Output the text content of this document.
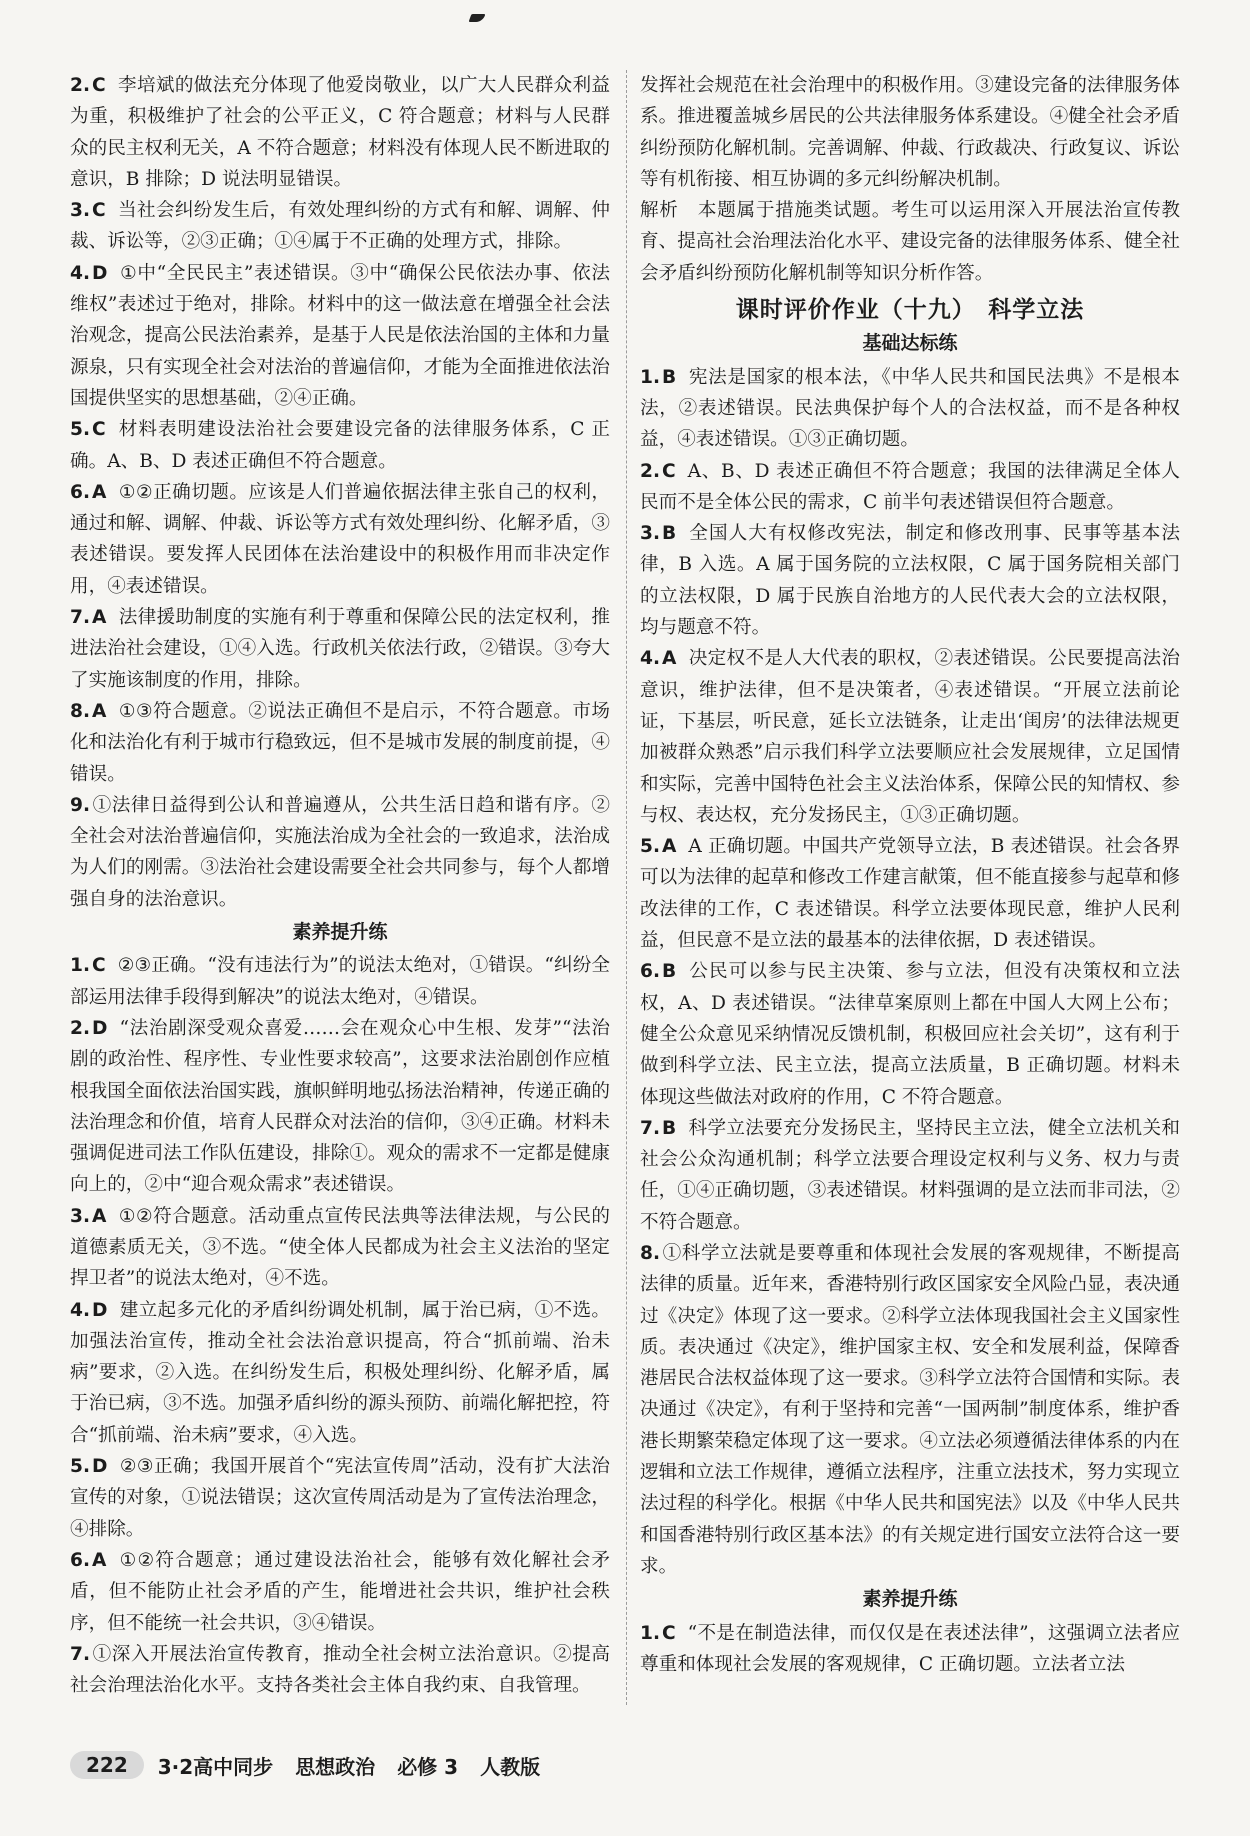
2. C 李培斌的做法充分体现了他爱岗敬业，以广大人民群众利益为重，积极维护了社会的公平正义，C 符合题意；材料与人民群众的民主权利无关，A 不符合题意；材料没有体现人民不断进取的意识，B 排除；D 说法明显错误。

3. C 当社会纠纷发生后，有效处理纠纷的方式有和解、调解、仲裁、诉讼等，②③正确；①④属于不正确的处理方式，排除。

4. D ①中“全民民主”表述错误。③中“确保公民依法办事、依法维权”表述过于绝对，排除。材料中的这一做法意在增强全社会法治观念，提高公民法治素养，是基于人民是依法治国的主体和力量源泉，只有实现全社会对法治的普遍信仰，才能为全面推进依法治国提供坚实的思想基础，②④正确。

5. C 材料表明建设法治社会要建设完备的法律服务体系，C 正确。A、B、D 表述正确但不符合题意。

6. A ①②正确切题。应该是人们普遍依据法律主张自己的权利，通过和解、调解、仲裁、诉讼等方式有效处理纠纷、化解矛盾，③表述错误。要发挥人民团体在法治建设中的积极作用而非决定作用，④表述错误。

7. A 法律援助制度的实施有利于尊重和保障公民的法定权利，推进法治社会建设，①④入选。行政机关依法行政，②错误。③夸大了实施该制度的作用，排除。

8. A ①③符合题意。②说法正确但不是启示，不符合题意。市场化和法治化有利于城市行稳致远，但不是城市发展的制度前提，④错误。

9. ①法律日益得到公认和普遍遵从，公共生活日趋和谐有序。②全社会对法治普遍信仰，实施法治成为全社会的一致追求，法治成为人们的刚需。③法治社会建设需要全社会共同参与，每个人都增强自身的法治意识。

素养提升练

1. C ②③正确。“没有违法行为”的说法太绝对，①错误。“纠纷全部运用法律手段得到解决”的说法太绝对，④错误。

2. D “法治剧深受观众喜爱……会在观众心中生根、发芽”“法治剧的政治性、程序性、专业性要求较高”，这要求法治剧创作应植根我国全面依法治国实践，旗帜鲜明地弘扬法治精神，传递正确的法治理念和价值，培育人民群众对法治的信仰，③④正确。材料未强调促进司法工作队伍建设，排除①。观众的需求不一定都是健康向上的，②中“迎合观众需求”表述错误。

3. A ①②符合题意。活动重点宣传民法典等法律法规，与公民的道德素质无关，③不选。“使全体人民都成为社会主义法治的坚定捍卫者”的说法太绝对，④不选。

4. D 建立起多元化的矛盾纠纷调处机制，属于治已病，①不选。加强法治宣传，推动全社会法治意识提高，符合“抓前端、治未病”要求，②入选。在纠纷发生后，积极处理纠纷、化解矛盾，属于治已病，③不选。加强矛盾纠纷的源头预防、前端化解把控，符合“抓前端、治未病”要求，④入选。

5. D ②③正确；我国开展首个“宪法宣传周”活动，没有扩大法治宣传的对象，①说法错误；这次宣传周活动是为了宣传法治理念，④排除。

6. A ①②符合题意；通过建设法治社会，能够有效化解社会矛盾，但不能防止社会矛盾的产生，能增进社会共识，维护社会秩序，但不能统一社会共识，③④错误。

7. ①深入开展法治宣传教育，推动全社会树立法治意识。②提高社会治理法治化水平。支持各类社会主体自我约束、自我管理。

发挥社会规范在社会治理中的积极作用。③建设完备的法律服务体系。推进覆盖城乡居民的公共法律服务体系建设。④健全社会矛盾纠纷预防化解机制。完善调解、仲裁、行政裁决、行政复议、诉讼等有机衔接、相互协调的多元纠纷解决机制。

解析　本题属于措施类试题。考生可以运用深入开展法治宣传教育、提高社会治理法治化水平、建设完备的法律服务体系、健全社会矛盾纠纷预防化解机制等知识分析作答。

课时评价作业（十九）　科学立法

基础达标练

1. B 宪法是国家的根本法，《中华人民共和国民法典》不是根本法，②表述错误。民法典保护每个人的合法权益，而不是各种权益，④表述错误。①③正确切题。

2. C A、B、D 表述正确但不符合题意；我国的法律满足全体人民而不是全体公民的需求，C 前半句表述错误但符合题意。

3. B 全国人大有权修改宪法，制定和修改刑事、民事等基本法律，B 入选。A 属于国务院的立法权限，C 属于国务院相关部门的立法权限，D 属于民族自治地方的人民代表大会的立法权限，均与题意不符。

4. A 决定权不是人大代表的职权，②表述错误。公民要提高法治意识，维护法律，但不是决策者，④表述错误。“开展立法前论证，下基层，听民意，延长立法链条，让走出‘闺房’的法律法规更加被群众熟悉”启示我们科学立法要顺应社会发展规律，立足国情和实际，完善中国特色社会主义法治体系，保障公民的知情权、参与权、表达权，充分发扬民主，①③正确切题。

5. A A 正确切题。中国共产党领导立法，B 表述错误。社会各界可以为法律的起草和修改工作建言献策，但不能直接参与起草和修改法律的工作，C 表述错误。科学立法要体现民意，维护人民利益，但民意不是立法的最基本的法律依据，D 表述错误。

6. B 公民可以参与民主决策、参与立法，但没有决策权和立法权，A、D 表述错误。“法律草案原则上都在中国人大网上公布；健全公众意见采纳情况反馈机制，积极回应社会关切”，这有利于做到科学立法、民主立法，提高立法质量，B 正确切题。材料未体现这些做法对政府的作用，C 不符合题意。

7. B 科学立法要充分发扬民主，坚持民主立法，健全立法机关和社会公众沟通机制；科学立法要合理设定权利与义务、权力与责任，①④正确切题，③表述错误。材料强调的是立法而非司法，②不符合题意。

8. ①科学立法就是要尊重和体现社会发展的客观规律，不断提高法律的质量。近年来，香港特别行政区国家安全风险凸显，表决通过《决定》体现了这一要求。②科学立法体现我国社会主义国家性质。表决通过《决定》，维护国家主权、安全和发展利益，保障香港居民合法权益体现了这一要求。③科学立法符合国情和实际。表决通过《决定》，有利于坚持和完善“一国两制”制度体系，维护香港长期繁荣稳定体现了这一要求。④立法必须遵循法律体系的内在逻辑和立法工作规律，遵循立法程序，注重立法技术，努力实现立法过程的科学化。根据《中华人民共和国宪法》以及《中华人民共和国香港特别行政区基本法》的有关规定进行国安立法符合这一要求。

素养提升练

1. C “不是在制造法律，而仅仅是在表述法律”，这强调立法者应尊重和体现社会发展的客观规律，C 正确切题。立法者立法

222	3·2高中同步 思想政治 必修 3 人教版
